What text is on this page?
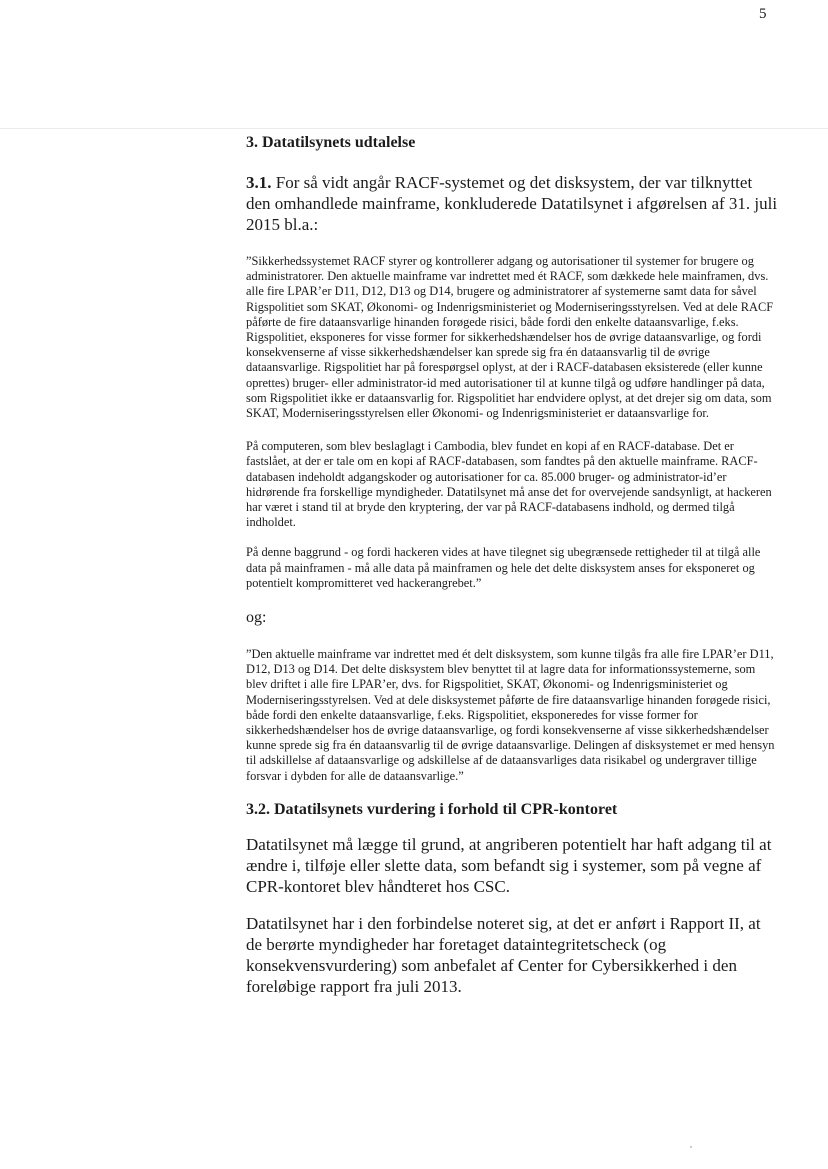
5
3. Datatilsynets udtalelse

3.1. For så vidt angår RACF-systemet og det disksystem, der var tilknyttet den omhandlede mainframe, konkluderede Datatilsynet i afgørelsen af 31. juli 2015 bl.a.:

”Sikkerhedssystemet RACF styrer og kontrollerer adgang og autorisationer til systemer for brugere og administratorer. Den aktuelle mainframe var indrettet med ét RACF, som dækkede hele mainframen, dvs. alle fire LPAR’er D11, D12, D13 og D14, brugere og administratorer af systemerne samt data for såvel Rigspolitiet som SKAT, Økonomi- og Indenrigsministeriet og Moderniseringsstyrelsen. Ved at dele RACF påførte de fire dataansvarlige hinanden forøgede risici, både fordi den enkelte dataansvarlige, f.eks. Rigspolitiet, eksponeres for visse former for sikkerhedshændelser hos de øvrige dataansvarlige, og fordi konsekvenserne af visse sikkerhedshændelser kan sprede sig fra én dataansvarlig til de øvrige dataansvarlige. Rigspolitiet har på forespørgsel oplyst, at der i RACF-databasen eksisterede (eller kunne oprettes) bruger- eller administrator-id med autorisationer til at kunne tilgå og udføre handlinger på data, som Rigspolitiet ikke er dataansvarlig for. Rigspolitiet har endvidere oplyst, at det drejer sig om data, som SKAT, Moderniseringsstyrelsen eller Økonomi- og Indenrigsministeriet er dataansvarlige for.

På computeren, som blev beslaglagt i Cambodia, blev fundet en kopi af en RACF-database. Det er fastslået, at der er tale om en kopi af RACF-databasen, som fandtes på den aktuelle mainframe. RACF-databasen indeholdt adgangskoder og autorisationer for ca. 85.000 bruger- og administrator-id’er hidrørende fra forskellige myndigheder. Datatilsynet må anse det for overvejende sandsynligt, at hackeren har været i stand til at bryde den kryptering, der var på RACF-databasens indhold, og dermed tilgå indholdet.

På denne baggrund - og fordi hackeren vides at have tilegnet sig ubegrænsede rettigheder til at tilgå alle data på mainframen - må alle data på mainframen og hele det delte disksystem anses for eksponeret og potentielt kompromitteret ved hackerangrebet.”

og:

”Den aktuelle mainframe var indrettet med ét delt disksystem, som kunne tilgås fra alle fire LPAR’er D11, D12, D13 og D14. Det delte disksystem blev benyttet til at lagre data for informationssystemerne, som blev driftet i alle fire LPAR’er, dvs. for Rigspolitiet, SKAT, Økonomi- og Indenrigsministeriet og Moderniseringsstyrelsen. Ved at dele disksystemet påførte de fire dataansvarlige hinanden forøgede risici, både fordi den enkelte dataansvarlige, f.eks. Rigspolitiet, eksponeredes for visse former for sikkerhedshændelser hos de øvrige dataansvarlige, og fordi konsekvenserne af visse sikkerhedshændelser kunne sprede sig fra én dataansvarlig til de øvrige dataansvarlige. Delingen af disksystemet er med hensyn til adskillelse af dataansvarlige og adskillelse af de dataansvarliges data risikabel og undergraver tillige forsvar i dybden for alle de dataansvarlige.”

3.2. Datatilsynets vurdering i forhold til CPR-kontoret

Datatilsynet må lægge til grund, at angriberen potentielt har haft adgang til at ændre i, tilføje eller slette data, som befandt sig i systemer, som på vegne af CPR-kontoret blev håndteret hos CSC.

Datatilsynet har i den forbindelse noteret sig, at det er anført i Rapport II, at de berørte myndigheder har foretaget dataintegritetscheck (og konsekvensvurdering) som anbefalet af Center for Cybersikkerhed i den foreløbige rapport fra juli 2013.
